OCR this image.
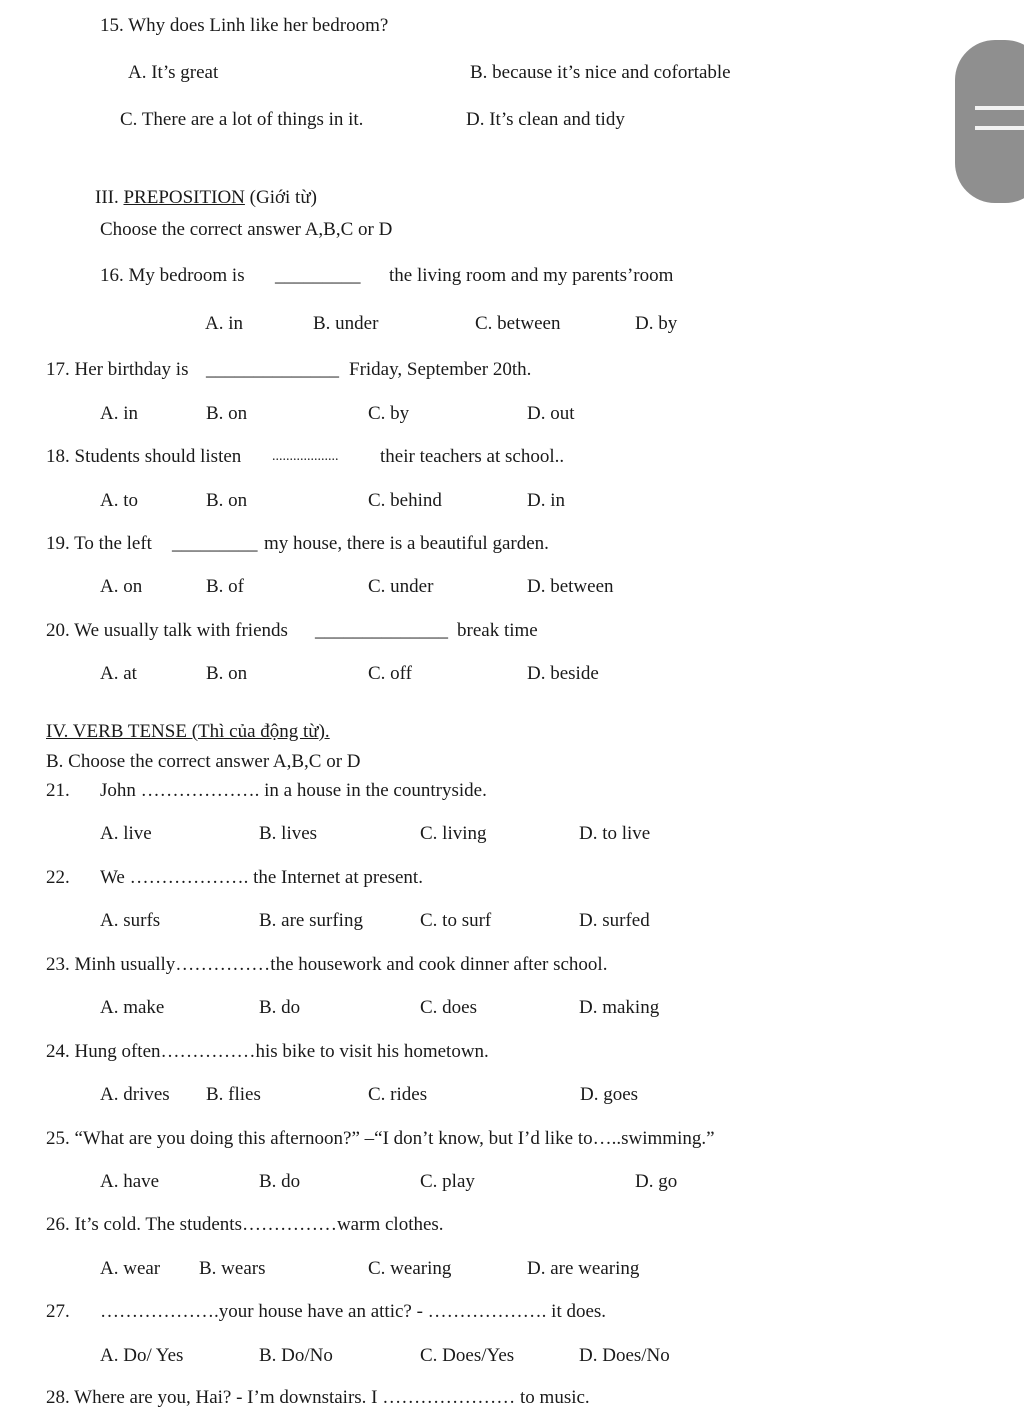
15. Why does Linh like her bedroom?
A. It’s great	B. because it’s nice and cofortable
C. There are a lot of things in it.	D. It’s clean and tidy
III. PREPOSITION (Giới từ)
Choose the correct answer A,B,C or D
16. My bedroom is _________ the living room and my parents’room
A. in	B. under	C. between	D. by
17. Her birthday is ______________ Friday, September 20th.
A. in	B. on	C. by	D. out
18. Students should listen ................... their teachers at school..
A. to	B. on	C. behind	D. in
19. To the left _________ my house, there is a beautiful garden.
A. on	B. of	C. under	D. between
20. We usually talk with friends ______________ break time
A. at	B. on	C. off	D. beside
IV. VERB TENSE (Thì của động từ).
B. Choose the correct answer A,B,C or D
21. John ………………. in a house in the countryside.
A. live	B. lives	C. living	D. to live
22. We ………………. the Internet at present.
A. surfs	B. are surfing	C. to surf	D. surfed
23. Minh usually……………the housework and cook dinner after school.
A. make	B. do	C. does	D. making
24. Hung often……………his bike to visit his hometown.
A. drives B. flies	C. rides	D. goes
25. “What are you doing this afternoon?” –“I don’t know, but I’d like to…..swimming.”
A. have	B. do	C. play	D. go
26. It’s cold. The students……………warm clothes.
A. wear B. wears	C. wearing	D. are wearing
27. ……………….your house have an attic? - ………………. it does.
A. Do/ Yes	B. Do/No	C. Does/Yes	D. Does/No
28. Where are you, Hai? - I’m downstairs. I ………………… to music.
